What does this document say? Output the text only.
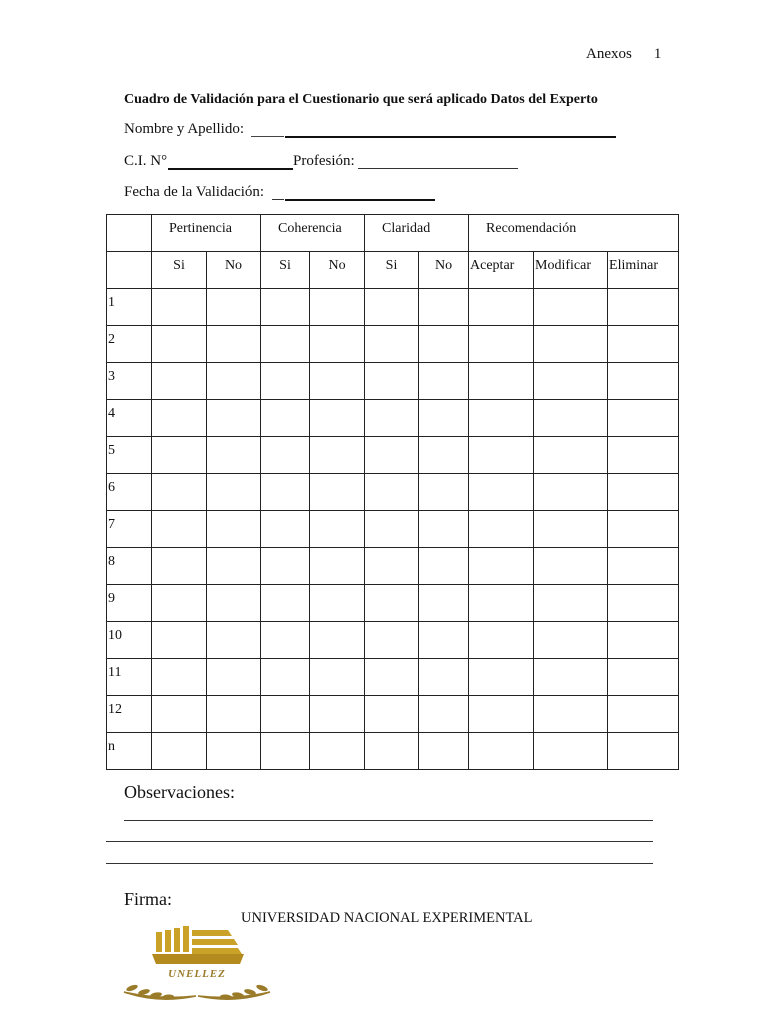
Anexos 1
Cuadro de Validación para el Cuestionario que será aplicado Datos del Experto
Nombre y Apellido:
C.I. N°	Profesión:
Fecha de la Validación:
	Pertinencia		Coherencia		Claridad		Recomendación		
	Si	No	Si	No	Si	No	Aceptar	Modificar	Eliminar
1									
2									
3									
4									
5									
6									
7									
8									
9									
10									
11									
12									
n									
Observaciones:
Firma:
UNIVERSIDAD NACIONAL EXPERIMENTAL
UNELLEZ
